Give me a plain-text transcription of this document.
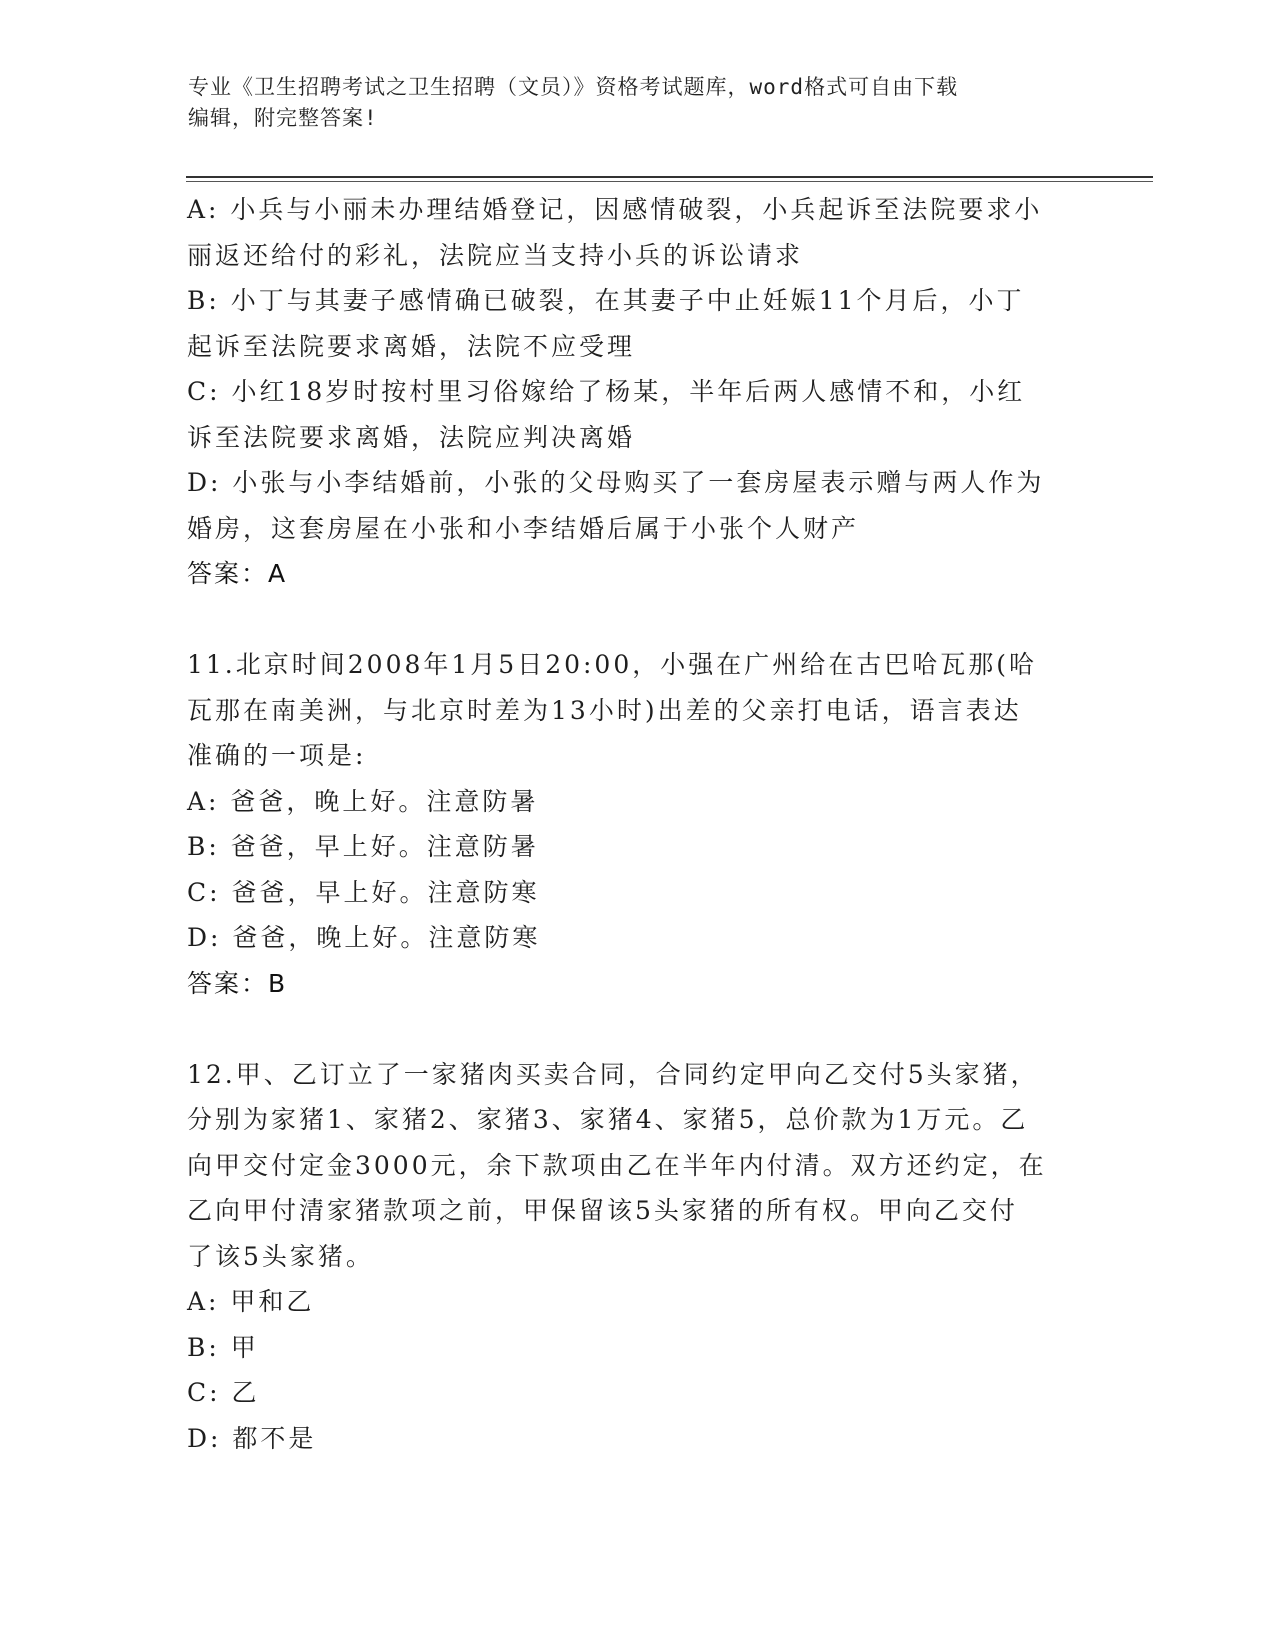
专业《卫生招聘考试之卫生招聘（文员）》资格考试题库，word格式可自由下载
编辑，附完整答案!
A: 小兵与小丽未办理结婚登记，因感情破裂，小兵起诉至法院要求小
丽返还给付的彩礼，法院应当支持小兵的诉讼请求
B: 小丁与其妻子感情确已破裂，在其妻子中止妊娠11个月后，小丁
起诉至法院要求离婚，法院不应受理
C: 小红18岁时按村里习俗嫁给了杨某，半年后两人感情不和，小红
诉至法院要求离婚，法院应判决离婚
D: 小张与小李结婚前，小张的父母购买了一套房屋表示赠与两人作为
婚房，这套房屋在小张和小李结婚后属于小张个人财产
答案：A
11.北京时间2008年1月5日20:00，小强在广州给在古巴哈瓦那(哈
瓦那在南美洲，与北京时差为13小时)出差的父亲打电话，语言表达
准确的一项是:
A: 爸爸，晚上好。注意防暑
B: 爸爸，早上好。注意防暑
C: 爸爸，早上好。注意防寒
D: 爸爸，晚上好。注意防寒
答案：B
12.甲、乙订立了一家猪肉买卖合同，合同约定甲向乙交付5头家猪，
分别为家猪1、家猪2、家猪3、家猪4、家猪5，总价款为1万元。乙
向甲交付定金3000元，余下款项由乙在半年内付清。双方还约定，在
乙向甲付清家猪款项之前，甲保留该5头家猪的所有权。甲向乙交付
了该5头家猪。
A: 甲和乙
B: 甲
C: 乙
D: 都不是
